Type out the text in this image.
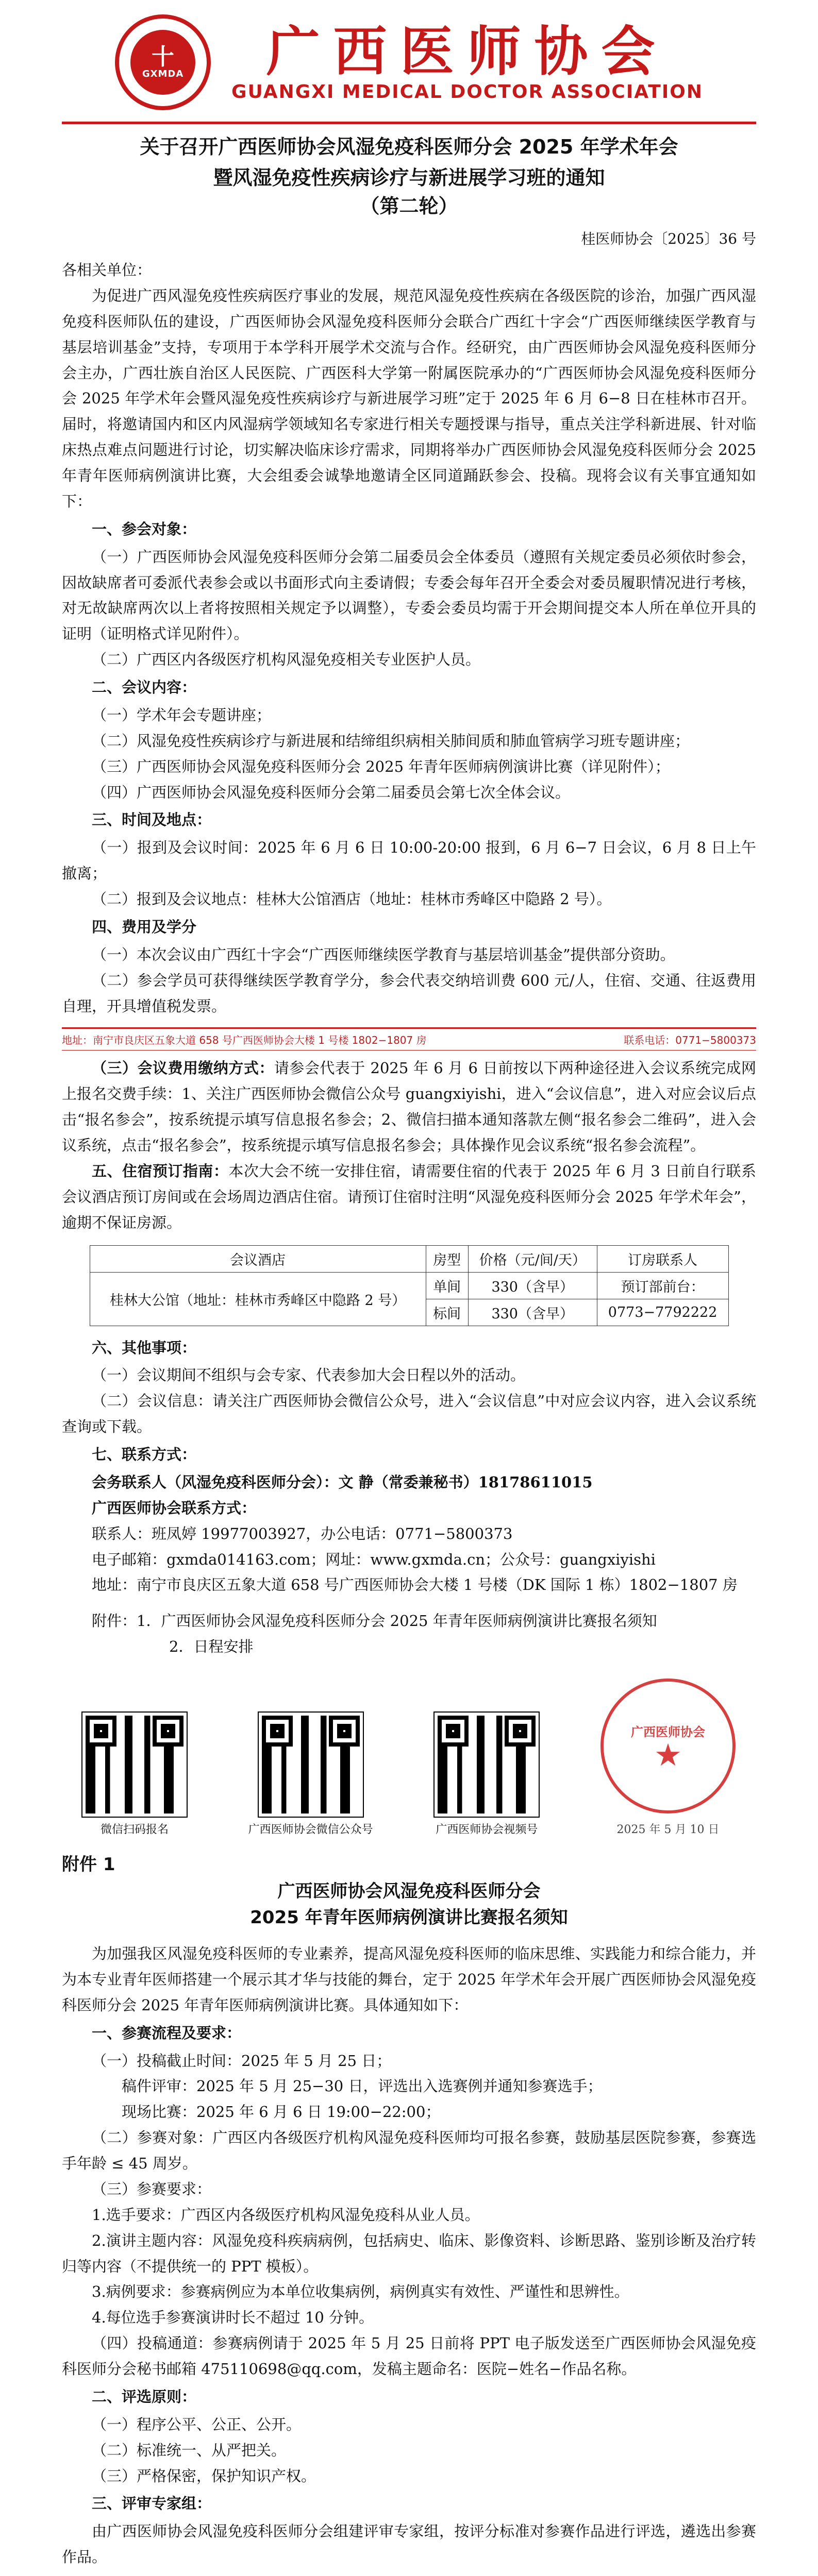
十
GXMDA 广西医师协会
GUANGXI MEDICAL DOCTOR ASSOCIATION
关于召开广西医师协会风湿免疫科医师分会 2025 年学术年会
暨风湿免疫性疾病诊疗与新进展学习班的通知
（第二轮）
桂医师协会〔2025〕36 号

各相关单位：

为促进广西风湿免疫性疾病医疗事业的发展，规范风湿免疫性疾病在各级医院的诊治，加强广西风湿免疫科医师队伍的建设，广西医师协会风湿免疫科医师分会联合广西红十字会“广西医师继续医学教育与基层培训基金”支持，专项用于本学科开展学术交流与合作。经研究，由广西医师协会风湿免疫科医师分会主办，广西壮族自治区人民医院、广西医科大学第一附属医院承办的“广西医师协会风湿免疫科医师分会 2025 年学术年会暨风湿免疫性疾病诊疗与新进展学习班”定于 2025 年 6 月 6−8 日在桂林市召开。届时，将邀请国内和区内风湿病学领域知名专家进行相关专题授课与指导，重点关注学科新进展、针对临床热点难点问题进行讨论，切实解决临床诊疗需求，同期将举办广西医师协会风湿免疫科医师分会 2025 年青年医师病例演讲比赛，大会组委会诚挚地邀请全区同道踊跃参会、投稿。现将会议有关事宜通知如下：

一、参会对象：

（一）广西医师协会风湿免疫科医师分会第二届委员会全体委员（遵照有关规定委员必须依时参会，因故缺席者可委派代表参会或以书面形式向主委请假；专委会每年召开全委会对委员履职情况进行考核，对无故缺席两次以上者将按照相关规定予以调整），专委会委员均需于开会期间提交本人所在单位开具的证明（证明格式详见附件）。

（二）广西区内各级医疗机构风湿免疫相关专业医护人员。

二、会议内容：

（一）学术年会专题讲座；

（二）风湿免疫性疾病诊疗与新进展和结缔组织病相关肺间质和肺血管病学习班专题讲座；

（三）广西医师协会风湿免疫科医师分会 2025 年青年医师病例演讲比赛（详见附件）；

（四）广西医师协会风湿免疫科医师分会第二届委员会第七次全体会议。

三、时间及地点：

（一）报到及会议时间：2025 年 6 月 6 日 10:00-20:00 报到，6 月 6−7 日会议，6 月 8 日上午撤离；

（二）报到及会议地点：桂林大公馆酒店（地址：桂林市秀峰区中隐路 2 号）。

四、费用及学分

（一）本次会议由广西红十字会“广西医师继续医学教育与基层培训基金”提供部分资助。

（二）参会学员可获得继续医学教育学分，参会代表交纳培训费 600 元/人，住宿、交通、往返费用自理，开具增值税发票。

地址：南宁市良庆区五象大道 658 号广西医师协会大楼 1 号楼 1802−1807 房	联系电话：0771−5800373

（三）会议费用缴纳方式：请参会代表于 2025 年 6 月 6 日前按以下两种途径进入会议系统完成网上报名交费手续：1、关注广西医师协会微信公众号 guangxiyishi，进入“会议信息”，进入对应会议后点击“报名参会”，按系统提示填写信息报名参会；2、微信扫描本通知落款左侧“报名参会二维码”，进入会议系统，点击“报名参会”，按系统提示填写信息报名参会；具体操作见会议系统“报名参会流程”。

五、住宿预订指南：本次大会不统一安排住宿，请需要住宿的代表于 2025 年 6 月 3 日前自行联系会议酒店预订房间或在会场周边酒店住宿。请预订住宿时注明“风湿免疫科医师分会 2025 年学术年会”，逾期不保证房源。

会议酒店	房型	价格（元/间/天）	订房联系人
桂林大公馆（地址：桂林市秀峰区中隐路 2 号）	单间	330（含早）	预订部前台：
	标间	330（含早）	0773−7792222
六、其他事项：

（一）会议期间不组织与会专家、代表参加大会日程以外的活动。

（二）会议信息：请关注广西医师协会微信公众号，进入“会议信息”中对应会议内容，进入会议系统查询或下载。

七、联系方式：

会务联系人（风湿免疫科医师分会）：文 静（常委兼秘书）18178611015

广西医师协会联系方式：

联系人：班凤婷 19977003927，办公电话：0771−5800373

电子邮箱：gxmda014163.com；网址：www.gxmda.cn；公众号：guangxiyishi

地址：南宁市良庆区五象大道 658 号广西医师协会大楼 1 号楼（DK 国际 1 栋）1802−1807 房

附件：1．广西医师协会风湿免疫科医师分会 2025 年青年医师病例演讲比赛报名须知

2．日程安排

微信扫码报名	广西医师协会微信公众号	广西医师协会视频号
广西医师协会
★
2025 年 5 月 10 日
附件 1
广西医师协会风湿免疫科医师分会
2025 年青年医师病例演讲比赛报名须知

为加强我区风湿免疫科医师的专业素养，提高风湿免疫科医师的临床思维、实践能力和综合能力，并为本专业青年医师搭建一个展示其才华与技能的舞台，定于 2025 年学术年会开展广西医师协会风湿免疫科医师分会 2025 年青年医师病例演讲比赛。具体通知如下：

一、参赛流程及要求：

（一）投稿截止时间：2025 年 5 月 25 日；

稿件评审：2025 年 5 月 25−30 日，评选出入选赛例并通知参赛选手；

现场比赛：2025 年 6 月 6 日 19:00−22:00；

（二）参赛对象：广西区内各级医疗机构风湿免疫科医师均可报名参赛，鼓励基层医院参赛，参赛选手年龄 ≤ 45 周岁。

（三）参赛要求：

1.选手要求：广西区内各级医疗机构风湿免疫科从业人员。

2.演讲主题内容：风湿免疫科疾病病例，包括病史、临床、影像资料、诊断思路、鉴别诊断及治疗转归等内容（不提供统一的 PPT 模板）。

3.病例要求：参赛病例应为本单位收集病例，病例真实有效性、严谨性和思辨性。

4.每位选手参赛演讲时长不超过 10 分钟。

（四）投稿通道：参赛病例请于 2025 年 5 月 25 日前将 PPT 电子版发送至广西医师协会风湿免疫科医师分会秘书邮箱 475110698@qq.com，发稿主题命名：医院−姓名−作品名称。

二、评选原则：

（一）程序公平、公正、公开。

（二）标准统一、从严把关。

（三）严格保密，保护知识产权。

三、评审专家组：

由广西医师协会风湿免疫科医师分会组建评审专家组，按评分标准对参赛作品进行评选，遴选出参赛作品。
